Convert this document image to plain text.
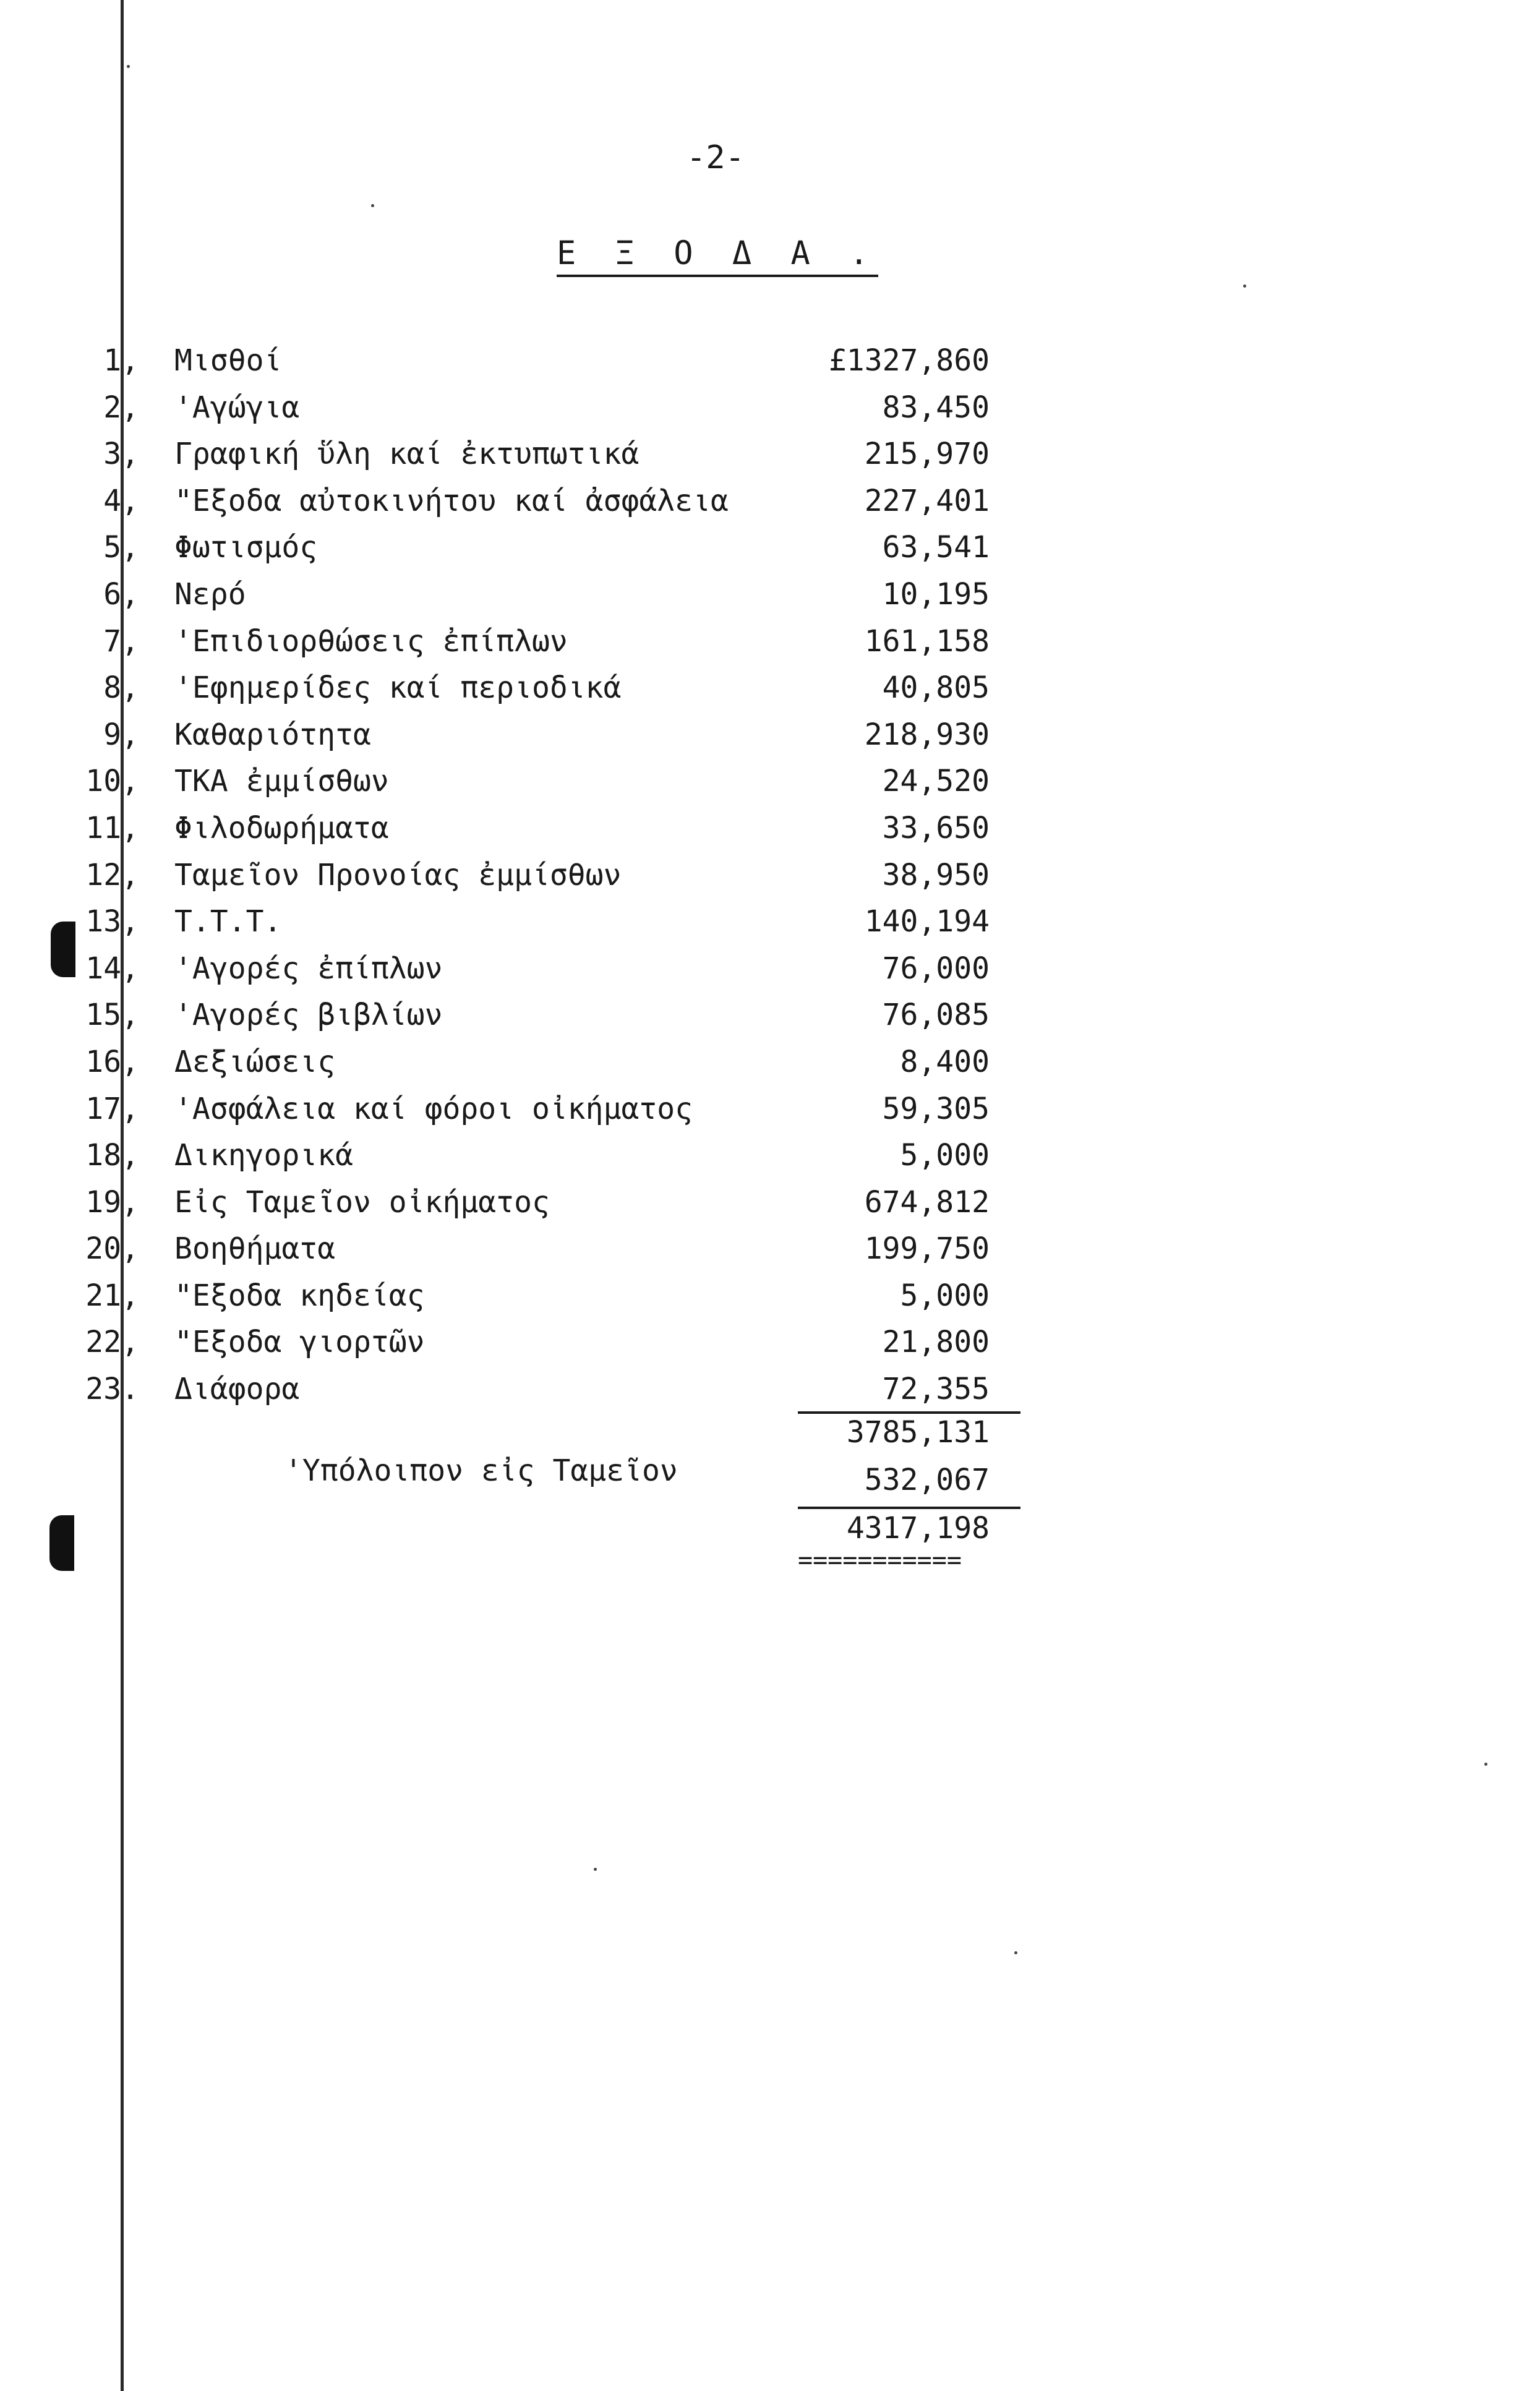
-2-
Ε Ξ Ο Δ Α .
1, Μισθοί	£1327,860
2, 'Αγώγια	83,450
3, Γραφική ὕλη καί ἐκτυπωτικά	215,970
4, "Εξοδα αὐτοκινήτου καί ἀσφάλεια	227,401
5, Φωτισμός	63,541
6, Νερό	10,195
7, 'Επιδιορθώσεις ἐπίπλων	161,158
8, 'Εφημερίδες καί περιοδικά	40,805
9, Καθαριότητα	218,930
10, ΤΚΑ ἐμμίσθων	24,520
11, Φιλοδωρήματα	33,650
12, Ταμεῖον Προνοίας ἐμμίσθων	38,950
13, Τ.Τ.Τ.	140,194
14, 'Αγορές ἐπίπλων	76,000
15, 'Αγορές βιβλίων	76,085
16, Δεξιώσεις	8,400
17, 'Ασφάλεια καί φόροι οἰκήματος	59,305
18, Δικηγορικά	5,000
19, Εἰς Ταμεῖον οἰκήματος	674,812
20, Βοηθήματα	199,750
21, "Εξοδα κηδείας	5,000
22, "Εξοδα γιορτῶν	21,800
23. Διάφορα	72,355
3785,131
'Υπόλοιπον εἰς Ταμεῖον	532,067
4317,198
===========
